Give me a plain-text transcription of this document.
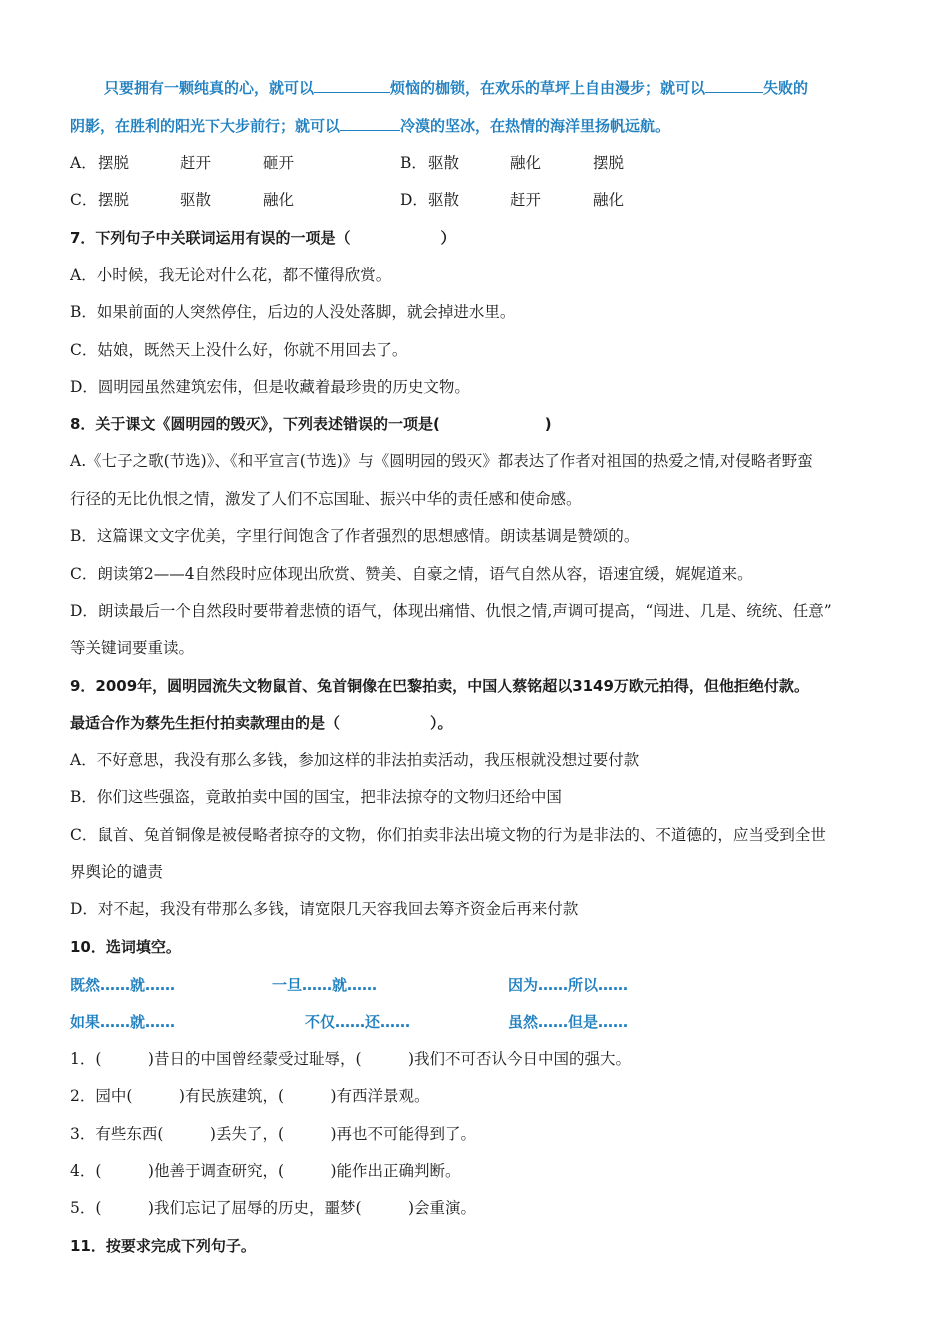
只要拥有一颗纯真的心，就可以	烦恼的枷锁，在欢乐的草坪上自由漫步；就可以	失败的
阴影，在胜利的阳光下大步前行；就可以	冷漠的坚冰，在热情的海洋里扬帆远航。
A． 摆脱	赶开	砸开	B． 驱散	融化	摆脱
C． 摆脱	驱散	融化	D． 驱散	赶开	融化
7．下列句子中关联词运用有误的一项是（　　　　　　）
A．小时候，我无论对什么花，都不懂得欣赏。
B．如果前面的人突然停住，后边的人没处落脚，就会掉进水里。
C．姑娘，既然天上没什么好，你就不用回去了。
D．圆明园虽然建筑宏伟，但是收藏着最珍贵的历史文物。
8．关于课文《圆明园的毁灭》，下列表述错误的一项是(　　　　　　　)
A.《七子之歌(节选)》、《和平宣言(节选)》与《圆明园的毁灭》都表达了作者对祖国的热爱之情,对侵略者野蛮
行径的无比仇恨之情，激发了人们不忘国耻、振兴中华的责任感和使命感。
B．这篇课文文字优美，字里行间饱含了作者强烈的思想感情。朗读基调是赞颂的。
C．朗读第2——4自然段时应体现出欣赏、赞美、自豪之情，语气自然从容，语速宜缓，娓娓道来。
D．朗读最后一个自然段时要带着悲愤的语气，体现出痛惜、仇恨之情,声调可提高，“闯进、几是、统统、任意”
等关键词要重读。
9．2009年，圆明园流失文物鼠首、兔首铜像在巴黎拍卖，中国人蔡铭超以3149万欧元拍得，但他拒绝付款。
最适合作为蔡先生拒付拍卖款理由的是（　　　　　　）。
A．不好意思，我没有那么多钱，参加这样的非法拍卖活动，我压根就没想过要付款
B．你们这些强盗，竟敢拍卖中国的国宝，把非法掠夺的文物归还给中国
C．鼠首、兔首铜像是被侵略者掠夺的文物，你们拍卖非法出境文物的行为是非法的、不道德的，应当受到全世
界舆论的谴责
D．对不起，我没有带那么多钱，请宽限几天容我回去筹齐资金后再来付款
10．选词填空。
既然……就……	一旦……就……	因为……所以……
如果……就……	不仅……还……	虽然……但是……
1．(　　　)昔日的中国曾经蒙受过耻辱，(　　　)我们不可否认今日中国的强大。
2．园中(　　　)有民族建筑，(　　　)有西洋景观。
3．有些东西(　　　)丢失了，(　　　)再也不可能得到了。
4．(　　　)他善于调查研究，(　　　)能作出正确判断。
5．(　　　)我们忘记了屈辱的历史，噩梦(　　　)会重演。
11．按要求完成下列句子。
